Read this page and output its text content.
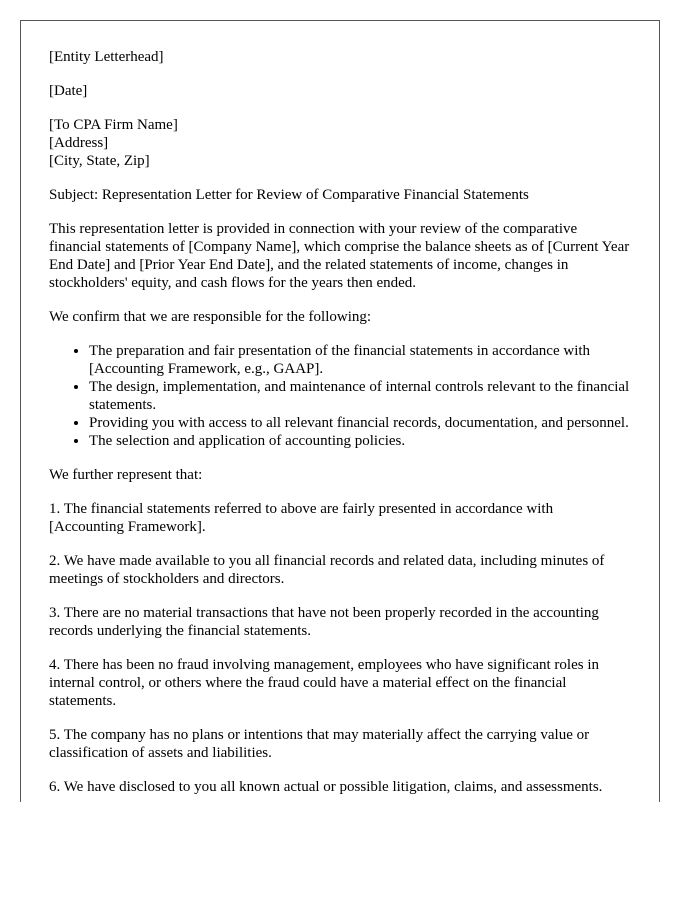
[Entity Letterhead]

[Date]

[To CPA Firm Name]
[Address]
[City, State, Zip]

Subject: Representation Letter for Review of Comparative Financial Statements

This representation letter is provided in connection with your review of the comparative financial statements of [Company Name], which comprise the balance sheets as of [Current Year End Date] and [Prior Year End Date], and the related statements of income, changes in stockholders' equity, and cash flows for the years then ended.

We confirm that we are responsible for the following:

• The preparation and fair presentation of the financial statements in accordance with [Accounting Framework, e.g., GAAP].
• The design, implementation, and maintenance of internal controls relevant to the financial statements.
• Providing you with access to all relevant financial records, documentation, and personnel.
• The selection and application of accounting policies.

We further represent that:

1. The financial statements referred to above are fairly presented in accordance with [Accounting Framework].

2. We have made available to you all financial records and related data, including minutes of meetings of stockholders and directors.

3. There are no material transactions that have not been properly recorded in the accounting records underlying the financial statements.

4. There has been no fraud involving management, employees who have significant roles in internal control, or others where the fraud could have a material effect on the financial statements.

5. The company has no plans or intentions that may materially affect the carrying value or classification of assets and liabilities.

6. We have disclosed to you all known actual or possible litigation, claims, and assessments.
